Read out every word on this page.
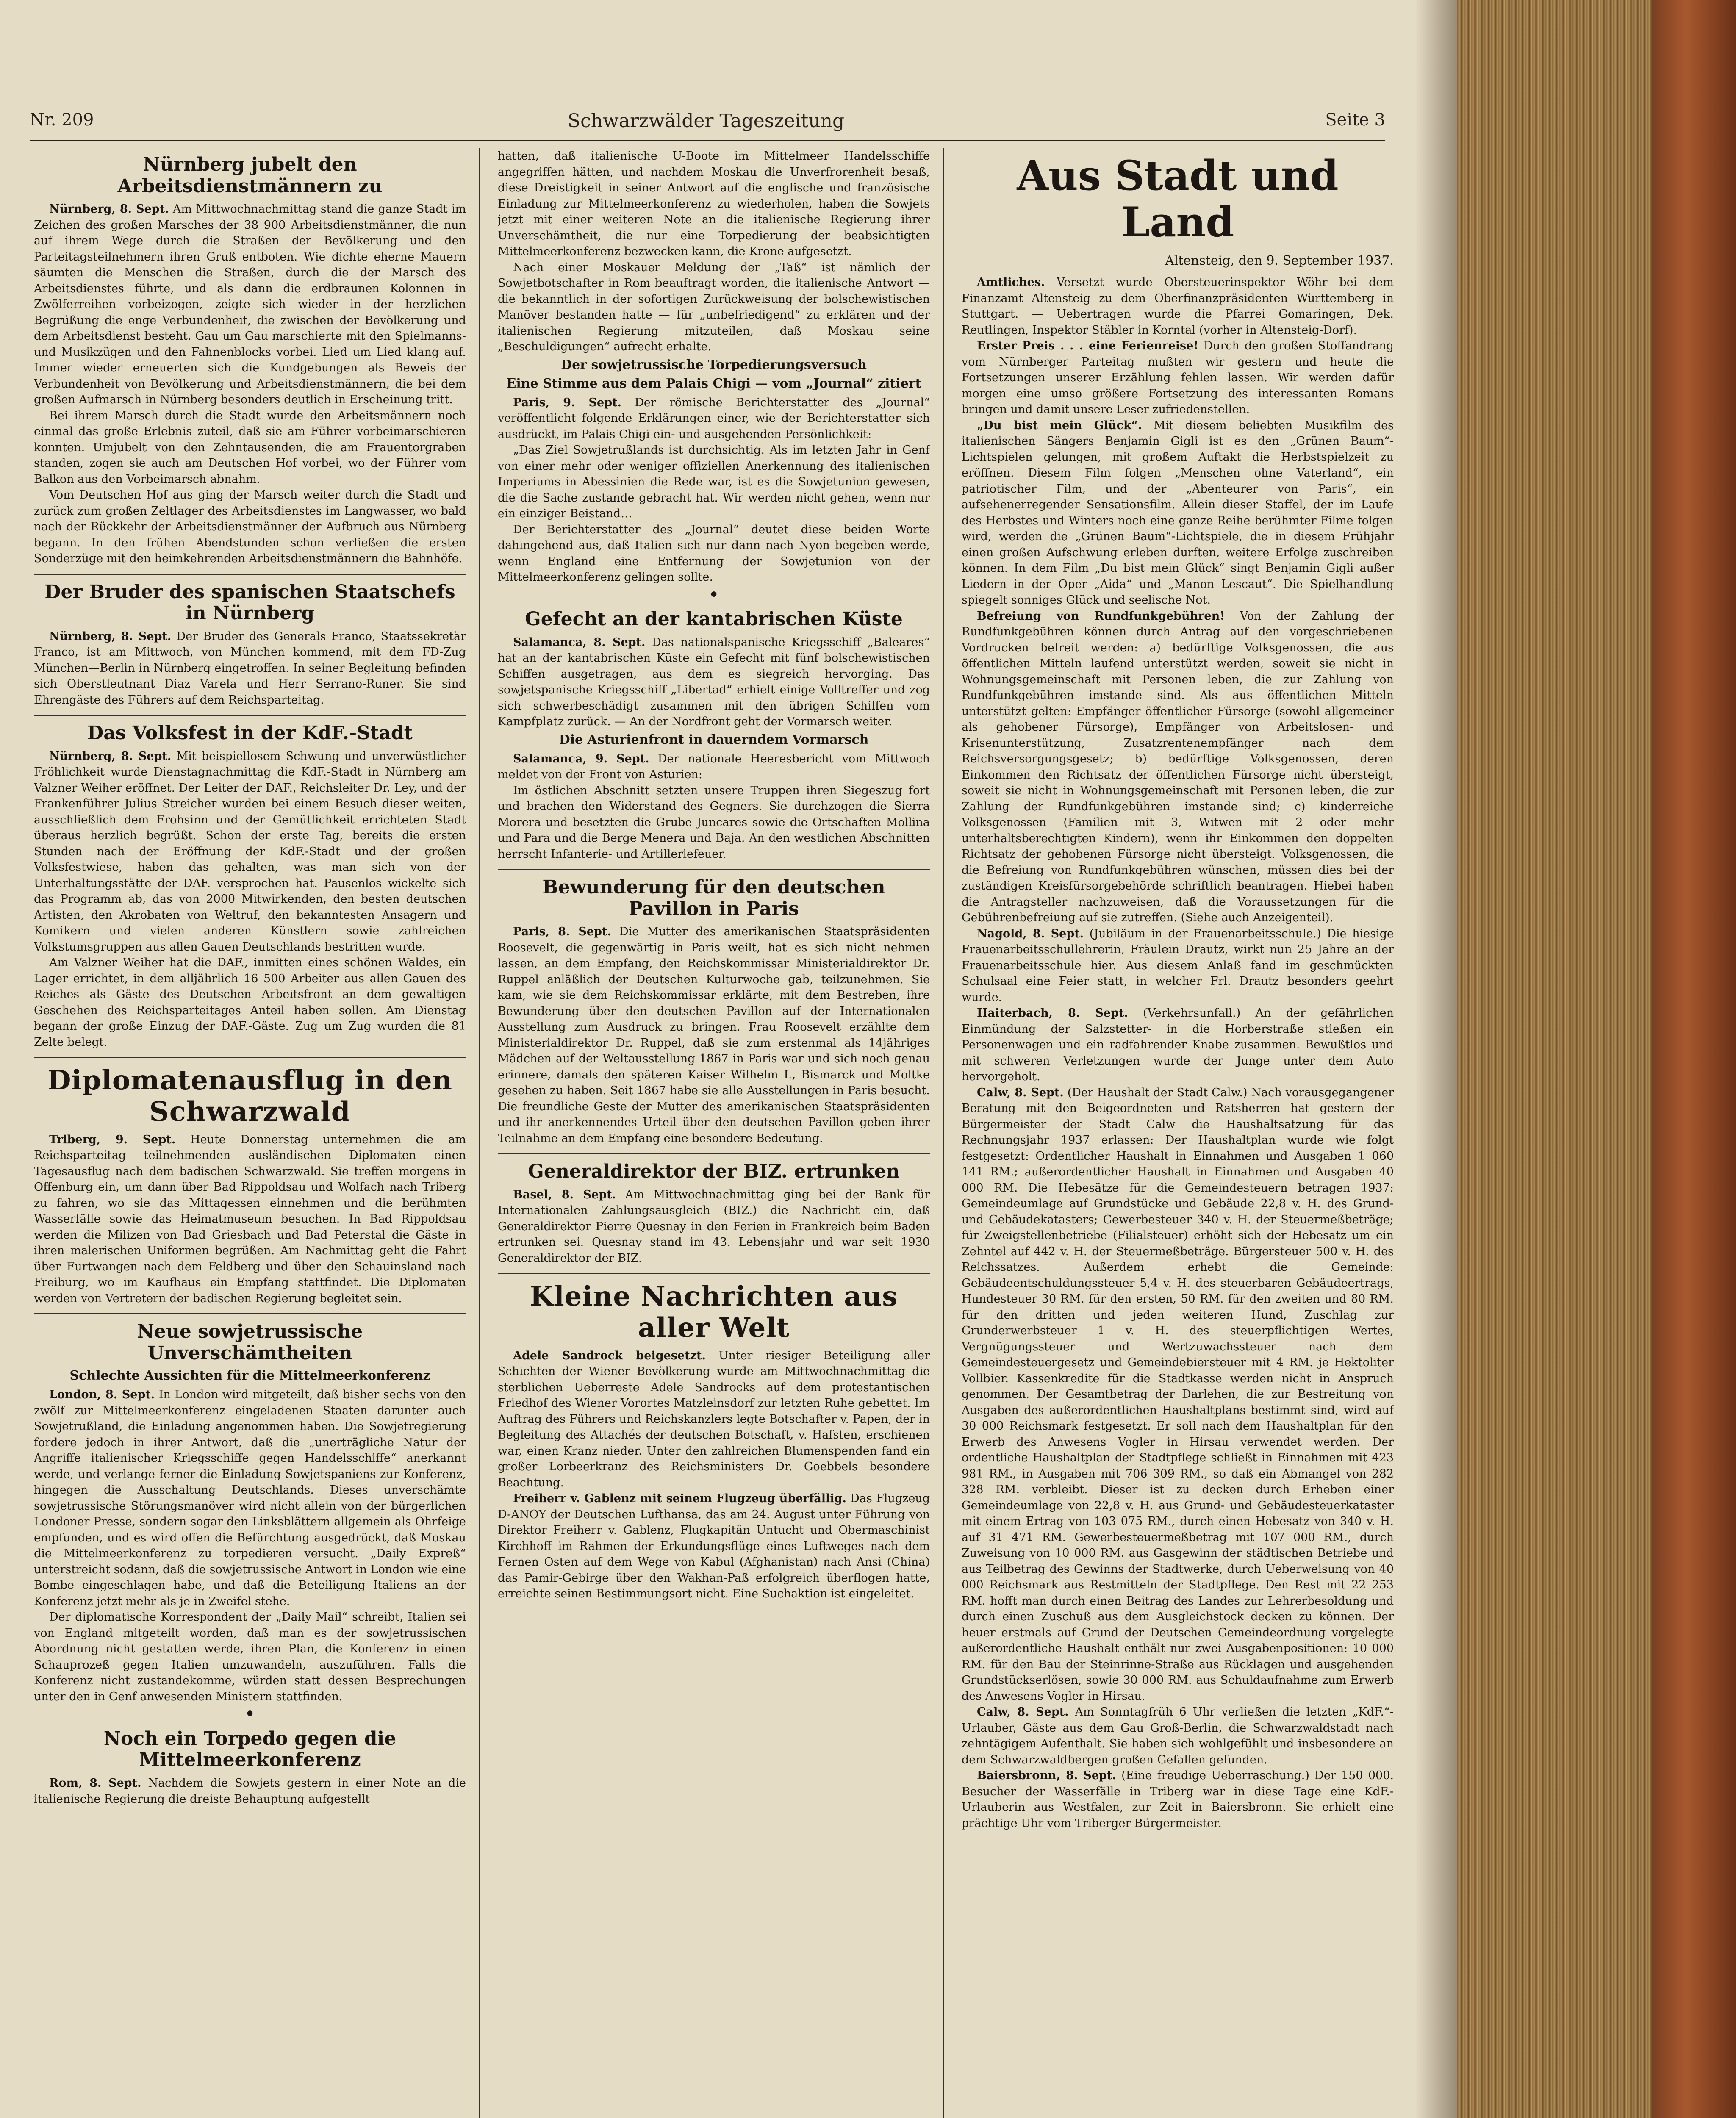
Nr. 209	Schwarzwälder Tageszeitung	Seite 3
Nürnberg jubelt den Arbeitsdienstmännern zu

Nürnberg, 8. Sept. Am Mittwochnachmittag stand die ganze Stadt im Zeichen des großen Marsches der 38 900 Arbeitsdienstmänner, die nun auf ihrem Wege durch die Straßen der Bevölkerung und den Parteitagsteilnehmern ihren Gruß entboten. Wie dichte eherne Mauern säumten die Menschen die Straßen, durch die der Marsch des Arbeitsdienstes führte, und als dann die erdbraunen Kolonnen in Zwölferreihen vorbeizogen, zeigte sich wieder in der herzlichen Begrüßung die enge Verbundenheit, die zwischen der Bevölkerung und dem Arbeitsdienst besteht. Gau um Gau marschierte mit den Spielmanns- und Musikzügen und den Fahnenblocks vorbei. Lied um Lied klang auf. Immer wieder erneuerten sich die Kundgebungen als Beweis der Verbundenheit von Bevölkerung und Arbeitsdienstmännern, die bei dem großen Aufmarsch in Nürnberg besonders deutlich in Erscheinung tritt.

Bei ihrem Marsch durch die Stadt wurde den Arbeitsmännern noch einmal das große Erlebnis zuteil, daß sie am Führer vorbeimarschieren konnten. Umjubelt von den Zehntausenden, die am Frauentorgraben standen, zogen sie auch am Deutschen Hof vorbei, wo der Führer vom Balkon aus den Vorbeimarsch abnahm.

Vom Deutschen Hof aus ging der Marsch weiter durch die Stadt und zurück zum großen Zeltlager des Arbeitsdienstes im Langwasser, wo bald nach der Rückkehr der Arbeitsdienstmänner der Aufbruch aus Nürnberg begann. In den frühen Abendstunden schon verließen die ersten Sonderzüge mit den heimkehrenden Arbeitsdienstmännern die Bahnhöfe.

Der Bruder des spanischen Staatschefs in Nürnberg

Nürnberg, 8. Sept. Der Bruder des Generals Franco, Staatssekretär Franco, ist am Mittwoch, von München kommend, mit dem FD-Zug München—Berlin in Nürnberg eingetroffen. In seiner Begleitung befinden sich Oberstleutnant Diaz Varela und Herr Serrano-Runer. Sie sind Ehrengäste des Führers auf dem Reichsparteitag.

Das Volksfest in der KdF.-Stadt

Nürnberg, 8. Sept. Mit beispiellosem Schwung und unverwüstlicher Fröhlichkeit wurde Dienstagnachmittag die KdF.-Stadt in Nürnberg am Valzner Weiher eröffnet. Der Leiter der DAF., Reichsleiter Dr. Ley, und der Frankenführer Julius Streicher wurden bei einem Besuch dieser weiten, ausschließlich dem Frohsinn und der Gemütlichkeit errichteten Stadt überaus herzlich begrüßt. Schon der erste Tag, bereits die ersten Stunden nach der Eröffnung der KdF.-Stadt und der großen Volksfestwiese, haben das gehalten, was man sich von der Unterhaltungsstätte der DAF. versprochen hat. Pausenlos wickelte sich das Programm ab, das von 2000 Mitwirkenden, den besten deutschen Artisten, den Akrobaten von Weltruf, den bekanntesten Ansagern und Komikern und vielen anderen Künstlern sowie zahlreichen Volkstumsgruppen aus allen Gauen Deutschlands bestritten wurde.

Am Valzner Weiher hat die DAF., inmitten eines schönen Waldes, ein Lager errichtet, in dem alljährlich 16 500 Arbeiter aus allen Gauen des Reiches als Gäste des Deutschen Arbeitsfront an dem gewaltigen Geschehen des Reichsparteitages Anteil haben sollen. Am Dienstag begann der große Einzug der DAF.-Gäste. Zug um Zug wurden die 81 Zelte belegt.

Diplomatenausflug in den Schwarzwald

Triberg, 9. Sept. Heute Donnerstag unternehmen die am Reichsparteitag teilnehmenden ausländischen Diplomaten einen Tagesausflug nach dem badischen Schwarzwald. Sie treffen morgens in Offenburg ein, um dann über Bad Rippoldsau und Wolfach nach Triberg zu fahren, wo sie das Mittagessen einnehmen und die berühmten Wasserfälle sowie das Heimatmuseum besuchen. In Bad Rippoldsau werden die Milizen von Bad Griesbach und Bad Peterstal die Gäste in ihren malerischen Uniformen begrüßen. Am Nachmittag geht die Fahrt über Furtwangen nach dem Feldberg und über den Schauinsland nach Freiburg, wo im Kaufhaus ein Empfang stattfindet. Die Diplomaten werden von Vertretern der badischen Regierung begleitet sein.

Neue sowjetrussische Unverschämtheiten
Schlechte Aussichten für die Mittelmeerkonferenz

London, 8. Sept. In London wird mitgeteilt, daß bisher sechs von den zwölf zur Mittelmeerkonferenz eingeladenen Staaten darunter auch Sowjetrußland, die Einladung angenommen haben. Die Sowjetregierung fordere jedoch in ihrer Antwort, daß die „unerträgliche Natur der Angriffe italienischer Kriegsschiffe gegen Handelsschiffe“ anerkannt werde, und verlange ferner die Einladung Sowjetspaniens zur Konferenz, hingegen die Ausschaltung Deutschlands. Dieses unverschämte sowjetrussische Störungsmanöver wird nicht allein von der bürgerlichen Londoner Presse, sondern sogar den Linksblättern allgemein als Ohrfeige empfunden, und es wird offen die Befürchtung ausgedrückt, daß Moskau die Mittelmeerkonferenz zu torpedieren versucht. „Daily Expreß“ unterstreicht sodann, daß die sowjetrussische Antwort in London wie eine Bombe eingeschlagen habe, und daß die Beteiligung Italiens an der Konferenz jetzt mehr als je in Zweifel stehe.

Der diplomatische Korrespondent der „Daily Mail“ schreibt, Italien sei von England mitgeteilt worden, daß man es der sowjetrussischen Abordnung nicht gestatten werde, ihren Plan, die Konferenz in einen Schauprozeß gegen Italien umzuwandeln, auszuführen. Falls die Konferenz nicht zustandekomme, würden statt dessen Besprechungen unter den in Genf anwesenden Ministern stattfinden.

•
Noch ein Torpedo gegen die Mittelmeerkonferenz

Rom, 8. Sept. Nachdem die Sowjets gestern in einer Note an die italienische Regierung die dreiste Behauptung aufgestellt

hatten, daß italienische U-Boote im Mittelmeer Handelsschiffe angegriffen hätten, und nachdem Moskau die Unverfrorenheit besaß, diese Dreistigkeit in seiner Antwort auf die englische und französische Einladung zur Mittelmeerkonferenz zu wiederholen, haben die Sowjets jetzt mit einer weiteren Note an die italienische Regierung ihrer Unverschämtheit, die nur eine Torpedierung der beabsichtigten Mittelmeerkonferenz bezwecken kann, die Krone aufgesetzt.

Nach einer Moskauer Meldung der „Taß“ ist nämlich der Sowjetbotschafter in Rom beauftragt worden, die italienische Antwort — die bekanntlich in der sofortigen Zurückweisung der bolschewistischen Manöver bestanden hatte — für „unbefriedigend“ zu erklären und der italienischen Regierung mitzuteilen, daß Moskau seine „Beschuldigungen“ aufrecht erhalte.

Der sowjetrussische Torpedierungsversuch
Eine Stimme aus dem Palais Chigi — vom „Journal“ zitiert

Paris, 9. Sept. Der römische Berichterstatter des „Journal“ veröffentlicht folgende Erklärungen einer, wie der Berichterstatter sich ausdrückt, im Palais Chigi ein- und ausgehenden Persönlichkeit:

„Das Ziel Sowjetrußlands ist durchsichtig. Als im letzten Jahr in Genf von einer mehr oder weniger offiziellen Anerkennung des italienischen Imperiums in Abessinien die Rede war, ist es die Sowjetunion gewesen, die die Sache zustande gebracht hat. Wir werden nicht gehen, wenn nur ein einziger Beistand…

Der Berichterstatter des „Journal“ deutet diese beiden Worte dahingehend aus, daß Italien sich nur dann nach Nyon begeben werde, wenn England eine Entfernung der Sowjetunion von der Mittelmeerkonferenz gelingen sollte.

•
Gefecht an der kantabrischen Küste

Salamanca, 8. Sept. Das nationalspanische Kriegsschiff „Baleares“ hat an der kantabrischen Küste ein Gefecht mit fünf bolschewistischen Schiffen ausgetragen, aus dem es siegreich hervorging. Das sowjetspanische Kriegsschiff „Libertad“ erhielt einige Volltreffer und zog sich schwerbeschädigt zusammen mit den übrigen Schiffen vom Kampfplatz zurück. — An der Nordfront geht der Vormarsch weiter.

Die Asturienfront in dauerndem Vormarsch

Salamanca, 9. Sept. Der nationale Heeresbericht vom Mittwoch meldet von der Front von Asturien:

Im östlichen Abschnitt setzten unsere Truppen ihren Siegeszug fort und brachen den Widerstand des Gegners. Sie durchzogen die Sierra Morera und besetzten die Grube Juncares sowie die Ortschaften Mollina und Para und die Berge Menera und Baja. An den westlichen Abschnitten herrscht Infanterie- und Artilleriefeuer.

Bewunderung für den deutschen Pavillon in Paris

Paris, 8. Sept. Die Mutter des amerikanischen Staatspräsidenten Roosevelt, die gegenwärtig in Paris weilt, hat es sich nicht nehmen lassen, an dem Empfang, den Reichskommissar Ministerialdirektor Dr. Ruppel anläßlich der Deutschen Kulturwoche gab, teilzunehmen. Sie kam, wie sie dem Reichskommissar erklärte, mit dem Bestreben, ihre Bewunderung über den deutschen Pavillon auf der Internationalen Ausstellung zum Ausdruck zu bringen. Frau Roosevelt erzählte dem Ministerialdirektor Dr. Ruppel, daß sie zum erstenmal als 14jähriges Mädchen auf der Weltausstellung 1867 in Paris war und sich noch genau erinnere, damals den späteren Kaiser Wilhelm I., Bismarck und Moltke gesehen zu haben. Seit 1867 habe sie alle Ausstellungen in Paris besucht. Die freundliche Geste der Mutter des amerikanischen Staatspräsidenten und ihr anerkennendes Urteil über den deutschen Pavillon geben ihrer Teilnahme an dem Empfang eine besondere Bedeutung.

Generaldirektor der BIZ. ertrunken

Basel, 8. Sept. Am Mittwochnachmittag ging bei der Bank für Internationalen Zahlungsausgleich (BIZ.) die Nachricht ein, daß Generaldirektor Pierre Quesnay in den Ferien in Frankreich beim Baden ertrunken sei. Quesnay stand im 43. Lebensjahr und war seit 1930 Generaldirektor der BIZ.

Kleine Nachrichten aus aller Welt

Adele Sandrock beigesetzt. Unter riesiger Beteiligung aller Schichten der Wiener Bevölkerung wurde am Mittwochnachmittag die sterblichen Ueberreste Adele Sandrocks auf dem protestantischen Friedhof des Wiener Vorortes Matzleinsdorf zur letzten Ruhe gebettet. Im Auftrag des Führers und Reichskanzlers legte Botschafter v. Papen, der in Begleitung des Attachés der deutschen Botschaft, v. Hafsten, erschienen war, einen Kranz nieder. Unter den zahlreichen Blumenspenden fand ein großer Lorbeerkranz des Reichsministers Dr. Goebbels besondere Beachtung.

Freiherr v. Gablenz mit seinem Flugzeug überfällig. Das Flugzeug D-ANOY der Deutschen Lufthansa, das am 24. August unter Führung von Direktor Freiherr v. Gablenz, Flugkapitän Untucht und Obermaschinist Kirchhoff im Rahmen der Erkundungsflüge eines Luftweges nach dem Fernen Osten auf dem Wege von Kabul (Afghanistan) nach Ansi (China) das Pamir-Gebirge über den Wakhan-Paß erfolgreich überflogen hatte, erreichte seinen Bestimmungsort nicht. Eine Suchaktion ist eingeleitet.

Aus Stadt und Land
Altensteig, den 9. September 1937.

Amtliches. Versetzt wurde Obersteuerinspektor Wöhr bei dem Finanzamt Altensteig zu dem Oberfinanzpräsidenten Württemberg in Stuttgart. — Uebertragen wurde die Pfarrei Gomaringen, Dek. Reutlingen, Inspektor Stäbler in Korntal (vorher in Altensteig-Dorf).

Erster Preis . . . eine Ferienreise! Durch den großen Stoffandrang vom Nürnberger Parteitag mußten wir gestern und heute die Fortsetzungen unserer Erzählung fehlen lassen. Wir werden dafür morgen eine umso größere Fortsetzung des interessanten Romans bringen und damit unsere Leser zufriedenstellen.

„Du bist mein Glück“. Mit diesem beliebten Musikfilm des italienischen Sängers Benjamin Gigli ist es den „Grünen Baum“-Lichtspielen gelungen, mit großem Auftakt die Herbstspielzeit zu eröffnen. Diesem Film folgen „Menschen ohne Vaterland“, ein patriotischer Film, und der „Abenteurer von Paris“, ein aufsehenerregender Sensationsfilm. Allein dieser Staffel, der im Laufe des Herbstes und Winters noch eine ganze Reihe berühmter Filme folgen wird, werden die „Grünen Baum“-Lichtspiele, die in diesem Frühjahr einen großen Aufschwung erleben durften, weitere Erfolge zuschreiben können. In dem Film „Du bist mein Glück“ singt Benjamin Gigli außer Liedern in der Oper „Aida“ und „Manon Lescaut“. Die Spielhandlung spiegelt sonniges Glück und seelische Not.

Befreiung von Rundfunkgebühren! Von der Zahlung der Rundfunkgebühren können durch Antrag auf den vorgeschriebenen Vordrucken befreit werden: a) bedürftige Volksgenossen, die aus öffentlichen Mitteln laufend unterstützt werden, soweit sie nicht in Wohnungsgemeinschaft mit Personen leben, die zur Zahlung von Rundfunkgebühren imstande sind. Als aus öffentlichen Mitteln unterstützt gelten: Empfänger öffentlicher Fürsorge (sowohl allgemeiner als gehobener Fürsorge), Empfänger von Arbeitslosen- und Krisenunterstützung, Zusatzrentenempfänger nach dem Reichsversorgungsgesetz; b) bedürftige Volksgenossen, deren Einkommen den Richtsatz der öffentlichen Fürsorge nicht übersteigt, soweit sie nicht in Wohnungsgemeinschaft mit Personen leben, die zur Zahlung der Rundfunkgebühren imstande sind; c) kinderreiche Volksgenossen (Familien mit 3, Witwen mit 2 oder mehr unterhaltsberechtigten Kindern), wenn ihr Einkommen den doppelten Richtsatz der gehobenen Fürsorge nicht übersteigt. Volksgenossen, die die Befreiung von Rundfunkgebühren wünschen, müssen dies bei der zuständigen Kreisfürsorgebehörde schriftlich beantragen. Hiebei haben die Antragsteller nachzuweisen, daß die Voraussetzungen für die Gebührenbefreiung auf sie zutreffen. (Siehe auch Anzeigenteil).

Nagold, 8. Sept. (Jubiläum in der Frauenarbeitsschule.) Die hiesige Frauenarbeitsschullehrerin, Fräulein Drautz, wirkt nun 25 Jahre an der Frauenarbeitsschule hier. Aus diesem Anlaß fand im geschmückten Schulsaal eine Feier statt, in welcher Frl. Drautz besonders geehrt wurde.

Haiterbach, 8. Sept. (Verkehrsunfall.) An der gefährlichen Einmündung der Salzstetter- in die Horberstraße stießen ein Personenwagen und ein radfahrender Knabe zusammen. Bewußtlos und mit schweren Verletzungen wurde der Junge unter dem Auto hervorgeholt.

Calw, 8. Sept. (Der Haushalt der Stadt Calw.) Nach vorausgegangener Beratung mit den Beigeordneten und Ratsherren hat gestern der Bürgermeister der Stadt Calw die Haushaltsatzung für das Rechnungsjahr 1937 erlassen: Der Haushaltplan wurde wie folgt festgesetzt: Ordentlicher Haushalt in Einnahmen und Ausgaben 1 060 141 RM.; außerordentlicher Haushalt in Einnahmen und Ausgaben 40 000 RM. Die Hebesätze für die Gemeindesteuern betragen 1937: Gemeindeumlage auf Grundstücke und Gebäude 22,8 v. H. des Grund- und Gebäudekatasters; Gewerbesteuer 340 v. H. der Steuermeßbeträge; für Zweigstellenbetriebe (Filialsteuer) erhöht sich der Hebesatz um ein Zehntel auf 442 v. H. der Steuermeßbeträge. Bürgersteuer 500 v. H. des Reichssatzes. Außerdem erhebt die Gemeinde: Gebäudeentschuldungssteuer 5,4 v. H. des steuerbaren Gebäudeertrags, Hundesteuer 30 RM. für den ersten, 50 RM. für den zweiten und 80 RM. für den dritten und jeden weiteren Hund, Zuschlag zur Grunderwerbsteuer 1 v. H. des steuerpflichtigen Wertes, Vergnügungssteuer und Wertzuwachssteuer nach dem Gemeindesteuergesetz und Gemeindebiersteuer mit 4 RM. je Hektoliter Vollbier. Kassenkredite für die Stadtkasse werden nicht in Anspruch genommen. Der Gesamtbetrag der Darlehen, die zur Bestreitung von Ausgaben des außerordentlichen Haushaltplans bestimmt sind, wird auf 30 000 Reichsmark festgesetzt. Er soll nach dem Haushaltplan für den Erwerb des Anwesens Vogler in Hirsau verwendet werden. Der ordentliche Haushaltplan der Stadtpflege schließt in Einnahmen mit 423 981 RM., in Ausgaben mit 706 309 RM., so daß ein Abmangel von 282 328 RM. verbleibt. Dieser ist zu decken durch Erheben einer Gemeindeumlage von 22,8 v. H. aus Grund- und Gebäudesteuerkataster mit einem Ertrag von 103 075 RM., durch einen Hebesatz von 340 v. H. auf 31 471 RM. Gewerbesteuermeßbetrag mit 107 000 RM., durch Zuweisung von 10 000 RM. aus Gasgewinn der städtischen Betriebe und aus Teilbetrag des Gewinns der Stadtwerke, durch Ueberweisung von 40 000 Reichsmark aus Restmitteln der Stadtpflege. Den Rest mit 22 253 RM. hofft man durch einen Beitrag des Landes zur Lehrerbesoldung und durch einen Zuschuß aus dem Ausgleichstock decken zu können. Der heuer erstmals auf Grund der Deutschen Gemeindeordnung vorgelegte außerordentliche Haushalt enthält nur zwei Ausgabenpositionen: 10 000 RM. für den Bau der Steinrinne-Straße aus Rücklagen und ausgehenden Grundstückserlösen, sowie 30 000 RM. aus Schuldaufnahme zum Erwerb des Anwesens Vogler in Hirsau.

Calw, 8. Sept. Am Sonntagfrüh 6 Uhr verließen die letzten „KdF.“-Urlauber, Gäste aus dem Gau Groß-Berlin, die Schwarzwaldstadt nach zehntägigem Aufenthalt. Sie haben sich wohlgefühlt und insbesondere an dem Schwarzwaldbergen großen Gefallen gefunden.

Baiersbronn, 8. Sept. (Eine freudige Ueberraschung.) Der 150 000. Besucher der Wasserfälle in Triberg war in diese Tage eine KdF.-Urlauberin aus Westfalen, zur Zeit in Baiersbronn. Sie erhielt eine prächtige Uhr vom Triberger Bürgermeister.
